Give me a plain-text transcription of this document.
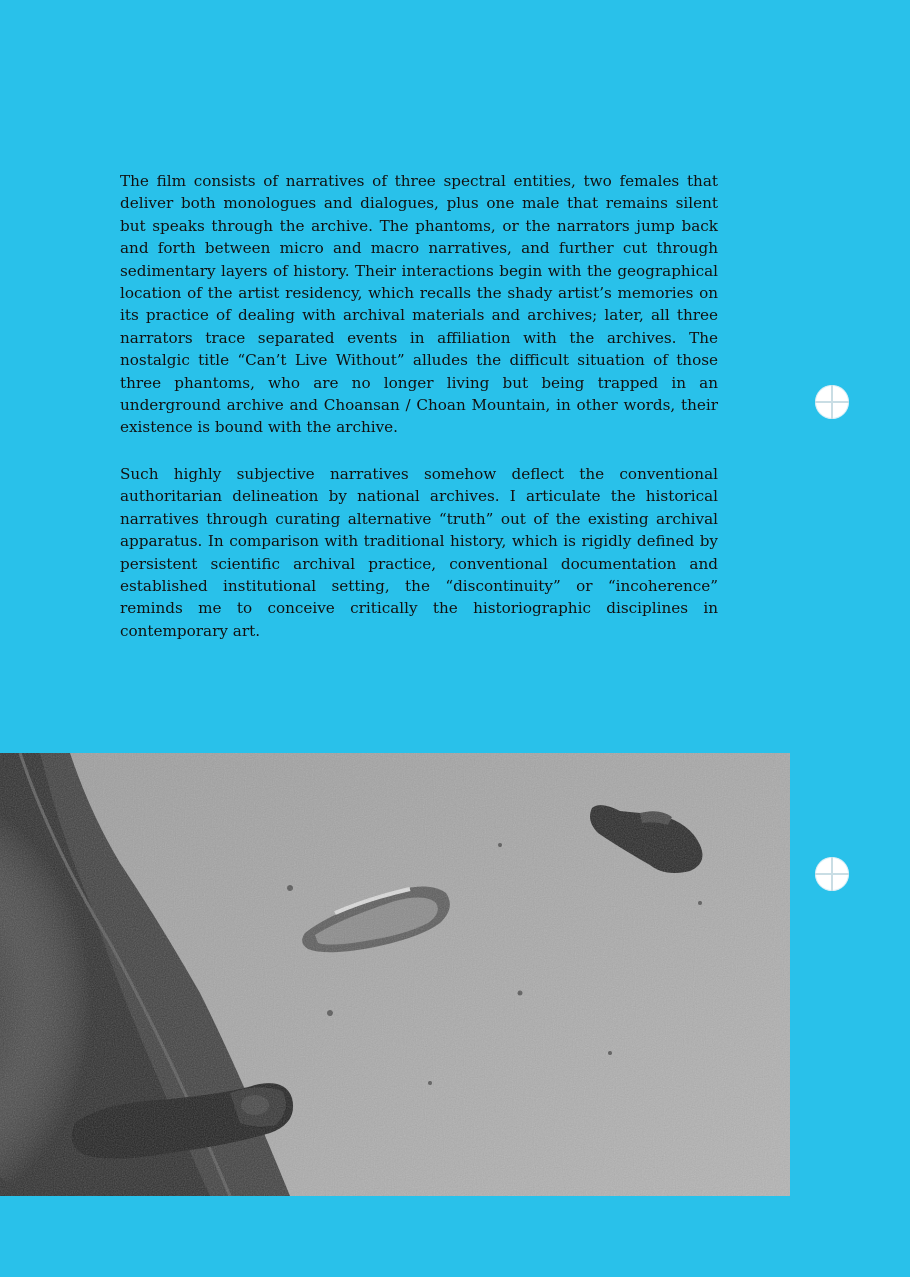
The film consists of narratives of three spectral entities, two females that deliver both monologues and dialogues, plus one male that remains silent but speaks through the archive. The phantoms, or the narrators jump back and forth between micro and macro narratives, and further cut through sedimentary layers of history. Their interactions begin with the geographical location of the artist residency, which recalls the shady artist’s memories on its practice of dealing with archival materials and archives; later, all three narrators trace separated events in affiliation with the archives. The nostalgic title “Can’t Live Without” alludes the difficult situation of those three phantoms, who are no longer living but being trapped in an underground archive and Choansan / Choan Mountain, in other words, their existence is bound with the archive.

Such highly subjective narratives somehow deflect the conventional authoritarian delineation by national archives. I articulate the historical narratives through curating alternative “truth” out of the existing archival apparatus. In comparison with traditional history, which is rigidly defined by persistent scientific archival practice, conventional documentation and established institutional setting, the “discontinuity” or “incoherence” reminds me to conceive critically the historiographic disciplines in contemporary art.
